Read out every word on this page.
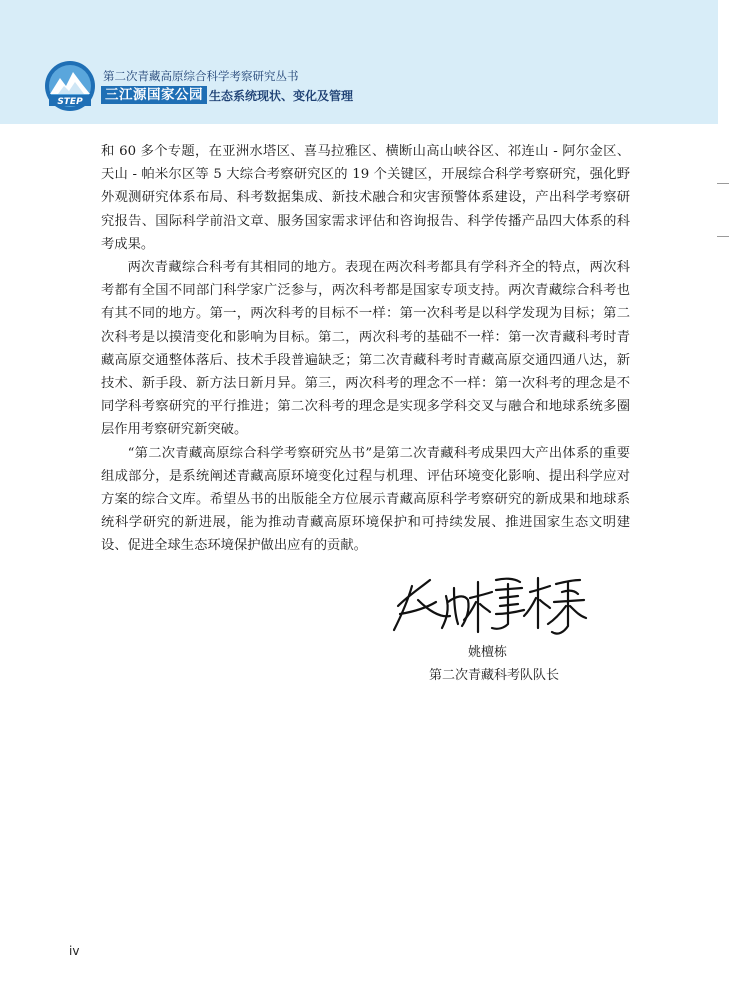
STEP
第二次青藏高原综合科学考察研究丛书
三江源国家公园 生态系统现状、变化及管理

和 60 多个专题，在亚洲水塔区、喜马拉雅区、横断山高山峡谷区、祁连山 - 阿尔金区、天山 - 帕米尔区等 5 大综合考察研究区的 19 个关键区，开展综合科学考察研究，强化野外观测研究体系布局、科考数据集成、新技术融合和灾害预警体系建设，产出科学考察研究报告、国际科学前沿文章、服务国家需求评估和咨询报告、科学传播产品四大体系的科考成果。

两次青藏综合科考有其相同的地方。表现在两次科考都具有学科齐全的特点，两次科考都有全国不同部门科学家广泛参与，两次科考都是国家专项支持。两次青藏综合科考也有其不同的地方。第一，两次科考的目标不一样：第一次科考是以科学发现为目标；第二次科考是以摸清变化和影响为目标。第二，两次科考的基础不一样：第一次青藏科考时青藏高原交通整体落后、技术手段普遍缺乏；第二次青藏科考时青藏高原交通四通八达，新技术、新手段、新方法日新月异。第三，两次科考的理念不一样：第一次科考的理念是不同学科考察研究的平行推进；第二次科考的理念是实现多学科交叉与融合和地球系统多圈层作用考察研究新突破。

“第二次青藏高原综合科学考察研究丛书”是第二次青藏科考成果四大产出体系的重要组成部分，是系统阐述青藏高原环境变化过程与机理、评估环境变化影响、提出科学应对方案的综合文库。希望丛书的出版能全方位展示青藏高原科学考察研究的新成果和地球系统科学研究的新进展，能为推动青藏高原环境保护和可持续发展、推进国家生态文明建设、促进全球生态环境保护做出应有的贡献。

姚檀栋
姚檀栋
第二次青藏科考队队长
iv
